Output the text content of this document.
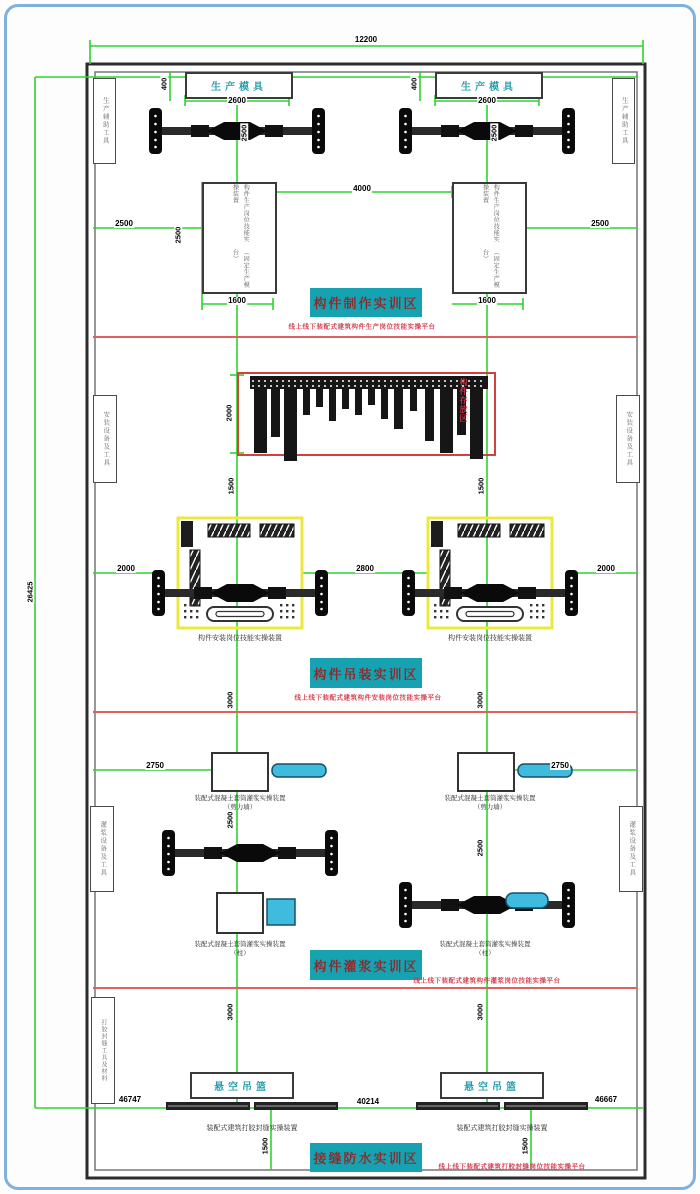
生产模具	生产模具
构件生产岗位技能实操装置
（固定生产模台）
构件生产岗位技能实操装置
（固定生产模台）
生产辅助工具	生产辅助工具
安装设备及工具	安装设备及工具
灌浆设备及工具	灌浆设备及工具
打胶封缝工具及材料
构件存放区
构件制作实训区
线上线下装配式建筑构件生产岗位技能实操平台
构件吊装实训区
线上线下装配式建筑构件安装岗位技能实操平台
构件灌浆实训区
线上线下装配式建筑构件灌浆岗位技能实操平台
接缝防水实训区
线上线下装配式建筑打胶封缝岗位技能实操平台
构件安装岗位技能实操装置	构件安装岗位技能实操装置
装配式混凝土套筒灌浆实操装置
（剪力墙）
装配式混凝土套筒灌浆实操装置
（剪力墙）
装配式混凝土套筒灌浆实操装置
（柱）
装配式混凝土套筒灌浆实操装置
（柱）
装配式建筑打胶封缝实操装置	装配式建筑打胶封缝实操装置
悬空吊篮	悬空吊篮
12200
2600	2600
2500	2500
4000
1600	1600
2000	2000
2800
2750	2750
46747	40214	46667
26425
400	400
2500	2500
2500
2000
1500	1500
3000	3000
2500
2500
3000	3000
1500	1500
